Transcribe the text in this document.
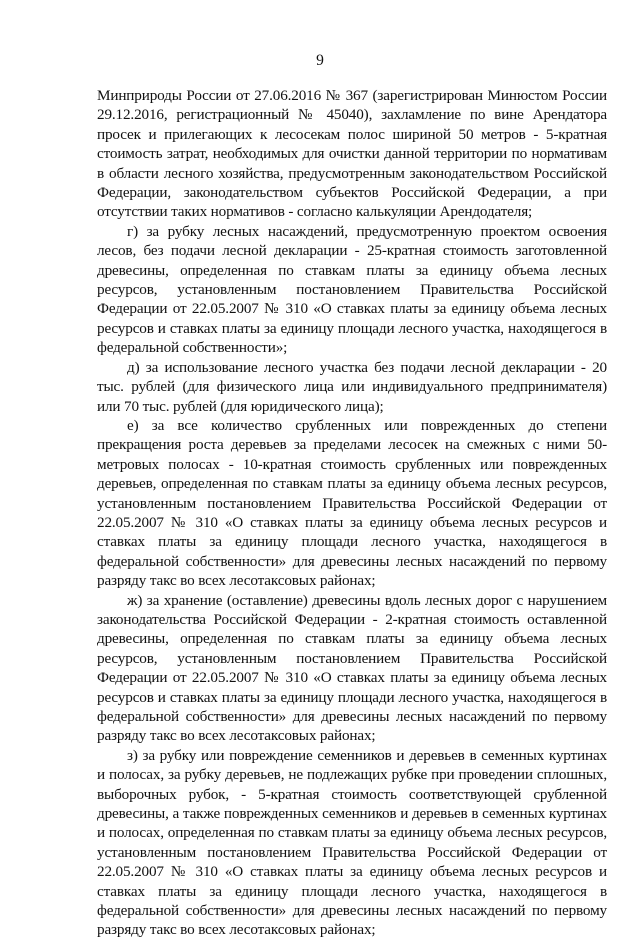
9

Минприроды России от 27.06.2016 № 367 (зарегистрирован Минюстом России 29.12.2016, регистрационный № 45040), захламление по вине Арендатора просек и прилегающих к лесосекам полос шириной 50 метров - 5-кратная стоимость затрат, необходимых для очистки данной территории по нормативам в области лесного хозяйства, предусмотренным законодательством Российской Федерации, законодательством субъектов Российской Федерации, а при отсутствии таких нормативов - согласно калькуляции Арендодателя;

г) за рубку лесных насаждений, предусмотренную проектом освоения лесов, без подачи лесной декларации - 25-кратная стоимость заготовленной древесины, определенная по ставкам платы за единицу объема лесных ресурсов, установленным постановлением Правительства Российской Федерации от 22.05.2007 № 310 «О ставках платы за единицу объема лесных ресурсов и ставках платы за единицу площади лесного участка, находящегося в федеральной собственности»;

д) за использование лесного участка без подачи лесной декларации - 20 тыс. рублей (для физического лица или индивидуального предпринимателя) или 70 тыс. рублей (для юридического лица);

е) за все количество срубленных или поврежденных до степени прекращения роста деревьев за пределами лесосек на смежных с ними 50-метровых полосах - 10-кратная стоимость срубленных или поврежденных деревьев, определенная по ставкам платы за единицу объема лесных ресурсов, установленным постановлением Правительства Российской Федерации от 22.05.2007 № 310 «О ставках платы за единицу объема лесных ресурсов и ставках платы за единицу площади лесного участка, находящегося в федеральной собственности» для древесины лесных насаждений по первому разряду такс во всех лесотаксовых районах;

ж) за хранение (оставление) древесины вдоль лесных дорог с нарушением законодательства Российской Федерации - 2-кратная стоимость оставленной древесины, определенная по ставкам платы за единицу объема лесных ресурсов, установленным постановлением Правительства Российской Федерации от 22.05.2007 № 310 «О ставках платы за единицу объема лесных ресурсов и ставках платы за единицу площади лесного участка, находящегося в федеральной собственности» для древесины лесных насаждений по первому разряду такс во всех лесотаксовых районах;

з) за рубку или повреждение семенников и деревьев в семенных куртинах и полосах, за рубку деревьев, не подлежащих рубке при проведении сплошных, выборочных рубок, - 5-кратная стоимость соответствующей срубленной древесины, а также поврежденных семенников и деревьев в семенных куртинах и полосах, определенная по ставкам платы за единицу объема лесных ресурсов, установленным постановлением Правительства Российской Федерации от 22.05.2007 № 310 «О ставках платы за единицу объема лесных ресурсов и ставках платы за единицу площади лесного участка, находящегося в федеральной собственности» для древесины лесных насаждений по первому разряду такс во всех лесотаксовых районах;
